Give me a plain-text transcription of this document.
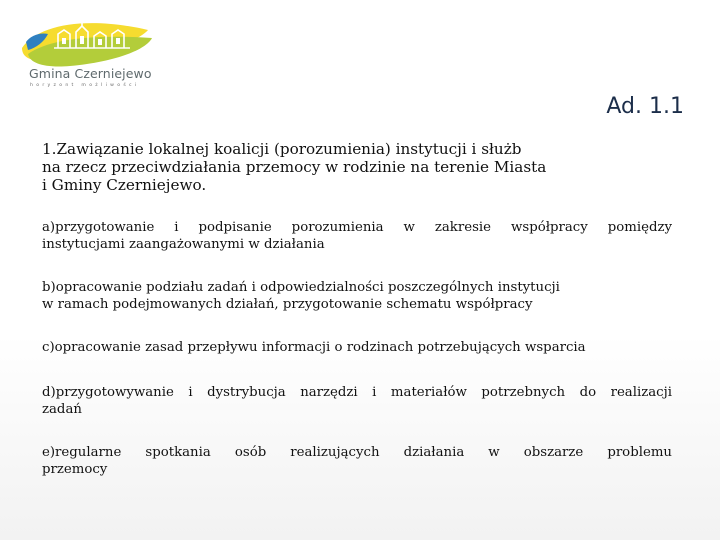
Gmina Czerniejewo
horyzont możliwości
Ad. 1.1
1.Zawiązanie lokalnej koalicji (porozumienia) instytucji i służb
na rzecz przeciwdziałania przemocy w rodzinie na terenie Miasta
i Gminy Czerniejewo.
a)przygotowanie i podpisanie porozumienia w zakresie współpracy pomiędzy
instytucjami zaangażowanymi w działania
b)opracowanie podziału zadań i odpowiedzialności poszczególnych instytucji
w ramach podejmowanych działań, przygotowanie schematu współpracy
c)opracowanie zasad przepływu informacji o rodzinach potrzebujących wsparcia
d)przygotowywanie i dystrybucja narzędzi i materiałów potrzebnych do realizacji
zadań
e)regularne spotkania osób realizujących działania w obszarze problemu
przemocy
